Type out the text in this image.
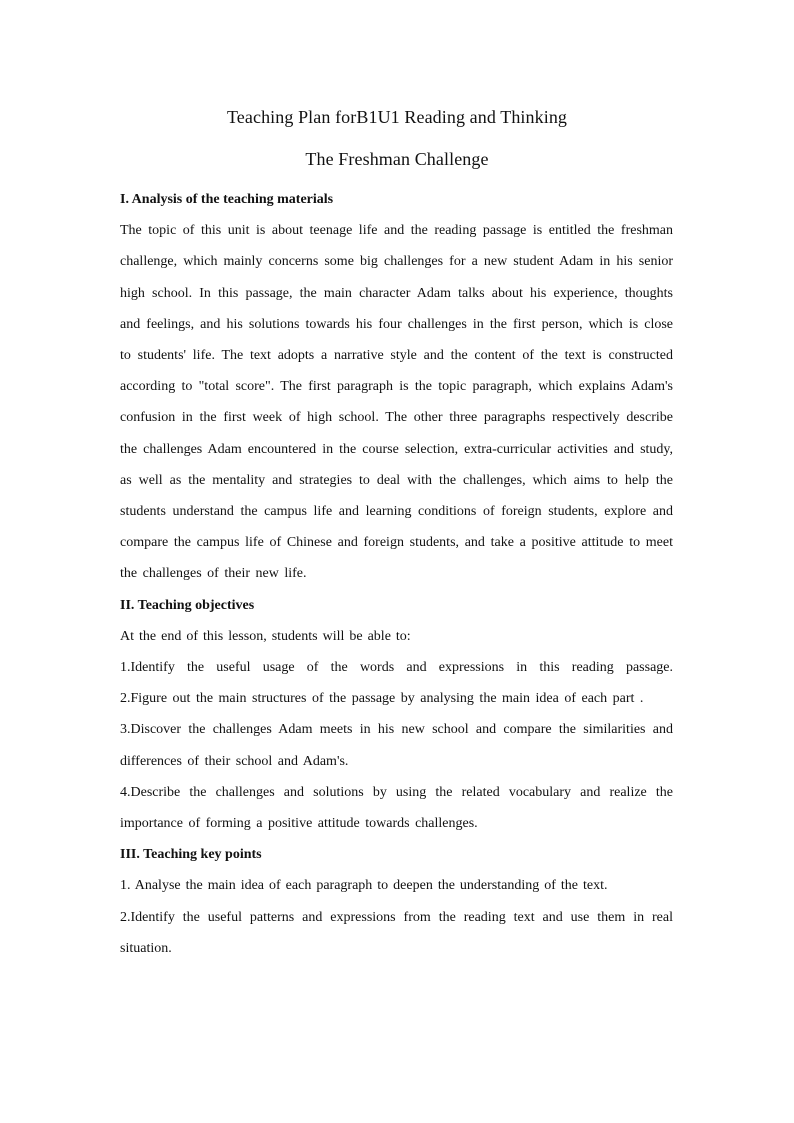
Teaching Plan forB1U1 Reading and Thinking
The Freshman Challenge

I. Analysis of the teaching materials

The topic of this unit is about teenage life and the reading passage is entitled the freshman challenge, which mainly concerns some big challenges for a new student Adam in his senior high school. In this passage, the main character Adam talks about his experience, thoughts and feelings, and his solutions towards his four challenges in the first person, which is close to students' life. The text adopts a narrative style and the content of the text is constructed according to "total score". The first paragraph is the topic paragraph, which explains Adam's confusion in the first week of high school. The other three paragraphs respectively describe the challenges Adam encountered in the course selection, extra-curricular activities and study, as well as the mentality and strategies to deal with the challenges, which aims to help the students understand the campus life and learning conditions of foreign students, explore and compare the campus life of Chinese and foreign students, and take a positive attitude to meet the challenges of their new life.

II. Teaching objectives

At the end of this lesson, students will be able to:

1.Identify the useful usage of the words and expressions in this reading passage.

2.Figure out the main structures of the passage by analysing the main idea of each part .

3.Discover the challenges Adam meets in his new school and compare the similarities and differences of their school and Adam's.

4.Describe the challenges and solutions by using the related vocabulary and realize the importance of forming a positive attitude towards challenges.

III. Teaching key points

1. Analyse the main idea of each paragraph to deepen the understanding of the text.

2.Identify the useful patterns and expressions from the reading text and use them in real situation.
